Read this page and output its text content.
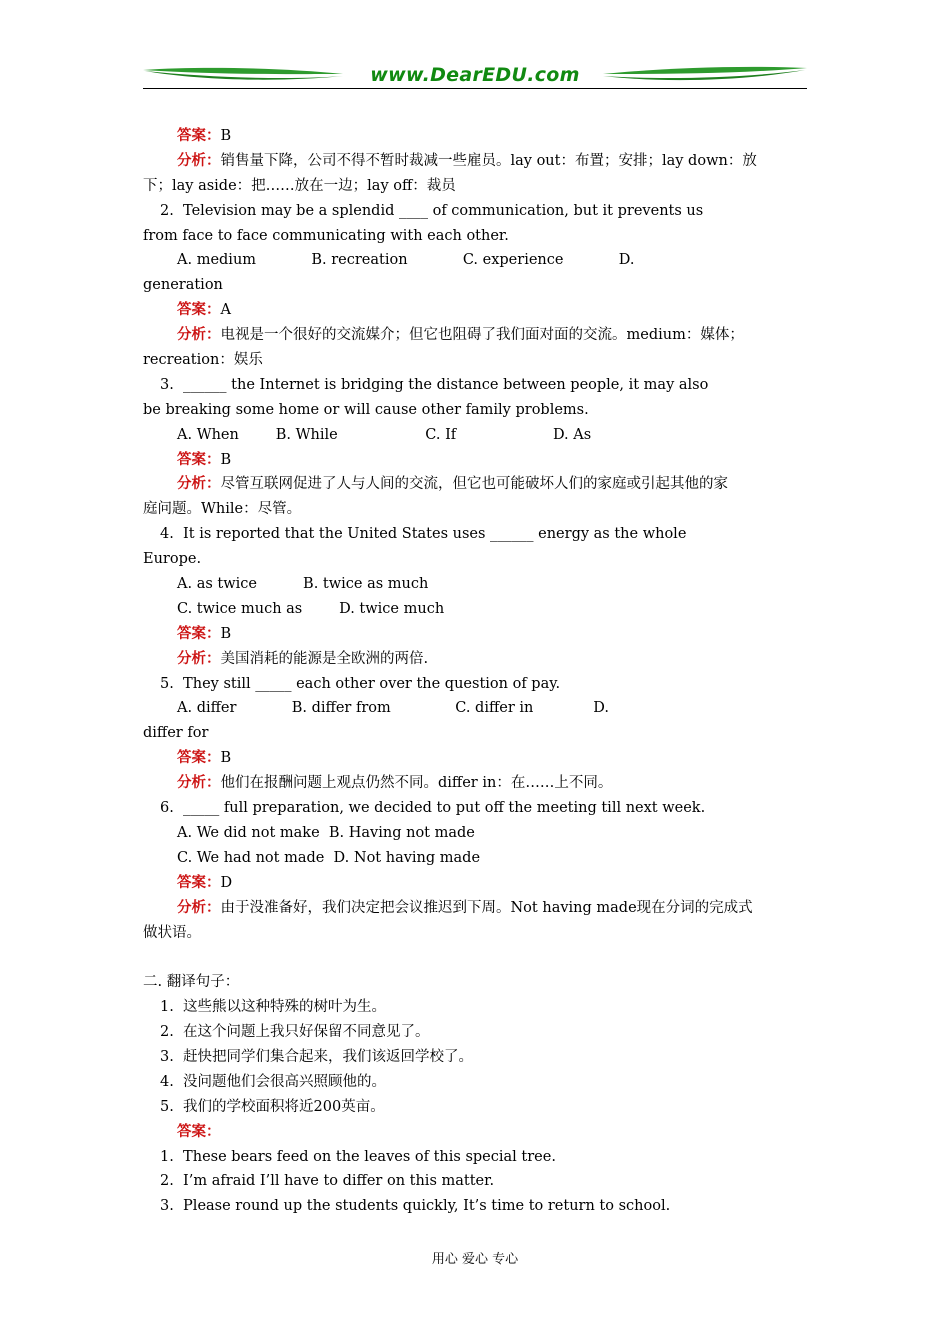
www.DearEDU.com
答案：B
分析：销售量下降，公司不得不暂时裁减一些雇员。lay out：布置；安排；lay down：放
下；lay aside：把……放在一边；lay off：裁员
2.  Television may be a splendid ____ of communication, but it prevents us
from face to face communicating with each other.
A. medium            B. recreation            C. experience            D.
generation
答案：A
分析：电视是一个很好的交流媒介；但它也阻碍了我们面对面的交流。medium：媒体；
recreation：娱乐
3.  ______ the Internet is bridging the distance between people, it may also
be breaking some home or will cause other family problems.
A. When        B. While                   C. If                     D. As
答案：B
分析：尽管互联网促进了人与人间的交流，但它也可能破坏人们的家庭或引起其他的家
庭问题。While：尽管。
4.  It is reported that the United States uses ______ energy as the whole
Europe.
A. as twice          B. twice as much
C. twice much as        D. twice much
答案：B
分析：美国消耗的能源是全欧洲的两倍.
5.  They still _____ each other over the question of pay.
A. differ            B. differ from              C. differ in             D.
differ for
答案：B
分析：他们在报酬问题上观点仍然不同。differ in：在……上不同。
6.  _____ full preparation, we decided to put off the meeting till next week.
A. We did not make  B. Having not made
C. We had not made  D. Not having made
答案：D
分析：由于没准备好，我们决定把会议推迟到下周。Not having made现在分词的完成式
做状语。
二. 翻译句子：
1.  这些熊以这种特殊的树叶为生。
2.  在这个问题上我只好保留不同意见了。
3.  赶快把同学们集合起来，我们该返回学校了。
4.  没问题他们会很高兴照顾他的。
5.  我们的学校面积将近200英亩。
答案：
1.  These bears feed on the leaves of this special tree.
2.  I’m afraid I’ll have to differ on this matter.
3.  Please round up the students quickly, It’s time to return to school.
用心 爱心 专心
